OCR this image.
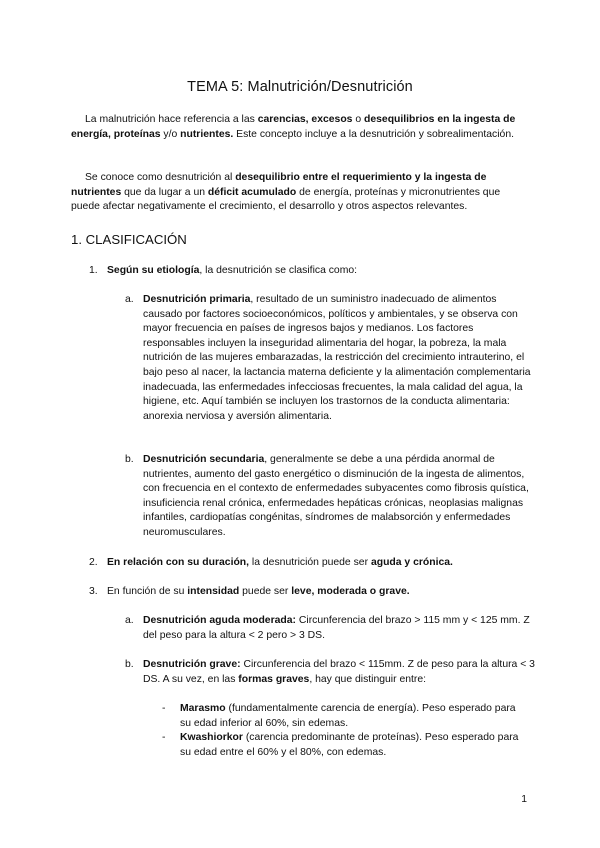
TEMA 5: Malnutrición/Desnutrición

La malnutrición hace referencia a las carencias, excesos o desequilibrios en la ingesta de energía, proteínas y/o nutrientes. Este concepto incluye a la desnutrición y sobrealimentación.

Se conoce como desnutrición al desequilibrio entre el requerimiento y la ingesta de nutrientes que da lugar a un déficit acumulado de energía, proteínas y micronutrientes que puede afectar negativamente el crecimiento, el desarrollo y otros aspectos relevantes.

1. CLASIFICACIÓN
1. Según su etiología, la desnutrición se clasifica como:
a. Desnutrición primaria, resultado de un suministro inadecuado de alimentos causado por factores socioeconómicos, políticos y ambientales, y se observa con mayor frecuencia en países de ingresos bajos y medianos. Los factores responsables incluyen la inseguridad alimentaria del hogar, la pobreza, la mala nutrición de las mujeres embarazadas, la restricción del crecimiento intrauterino, el bajo peso al nacer, la lactancia materna deficiente y la alimentación complementaria inadecuada, las enfermedades infecciosas frecuentes, la mala calidad del agua, la higiene, etc. Aquí también se incluyen los trastornos de la conducta alimentaria: anorexia nerviosa y aversión alimentaria.
b. Desnutrición secundaria, generalmente se debe a una pérdida anormal de nutrientes, aumento del gasto energético o disminución de la ingesta de alimentos, con frecuencia en el contexto de enfermedades subyacentes como fibrosis quística, insuficiencia renal crónica, enfermedades hepáticas crónicas, neoplasias malignas infantiles, cardiopatías congénitas, síndromes de malabsorción y enfermedades neuromusculares.
2. En relación con su duración, la desnutrición puede ser aguda y crónica.
3. En función de su intensidad puede ser leve, moderada o grave.
a. Desnutrición aguda moderada: Circunferencia del brazo > 115 mm y < 125 mm. Z del peso para la altura < 2 pero > 3 DS.
b. Desnutrición grave: Circunferencia del brazo < 115mm. Z de peso para la altura < 3 DS. A su vez, en las formas graves, hay que distinguir entre:
- Marasmo (fundamentalmente carencia de energía). Peso esperado para su edad inferior al 60%, sin edemas.
- Kwashiorkor (carencia predominante de proteínas). Peso esperado para su edad entre el 60% y el 80%, con edemas.
1
